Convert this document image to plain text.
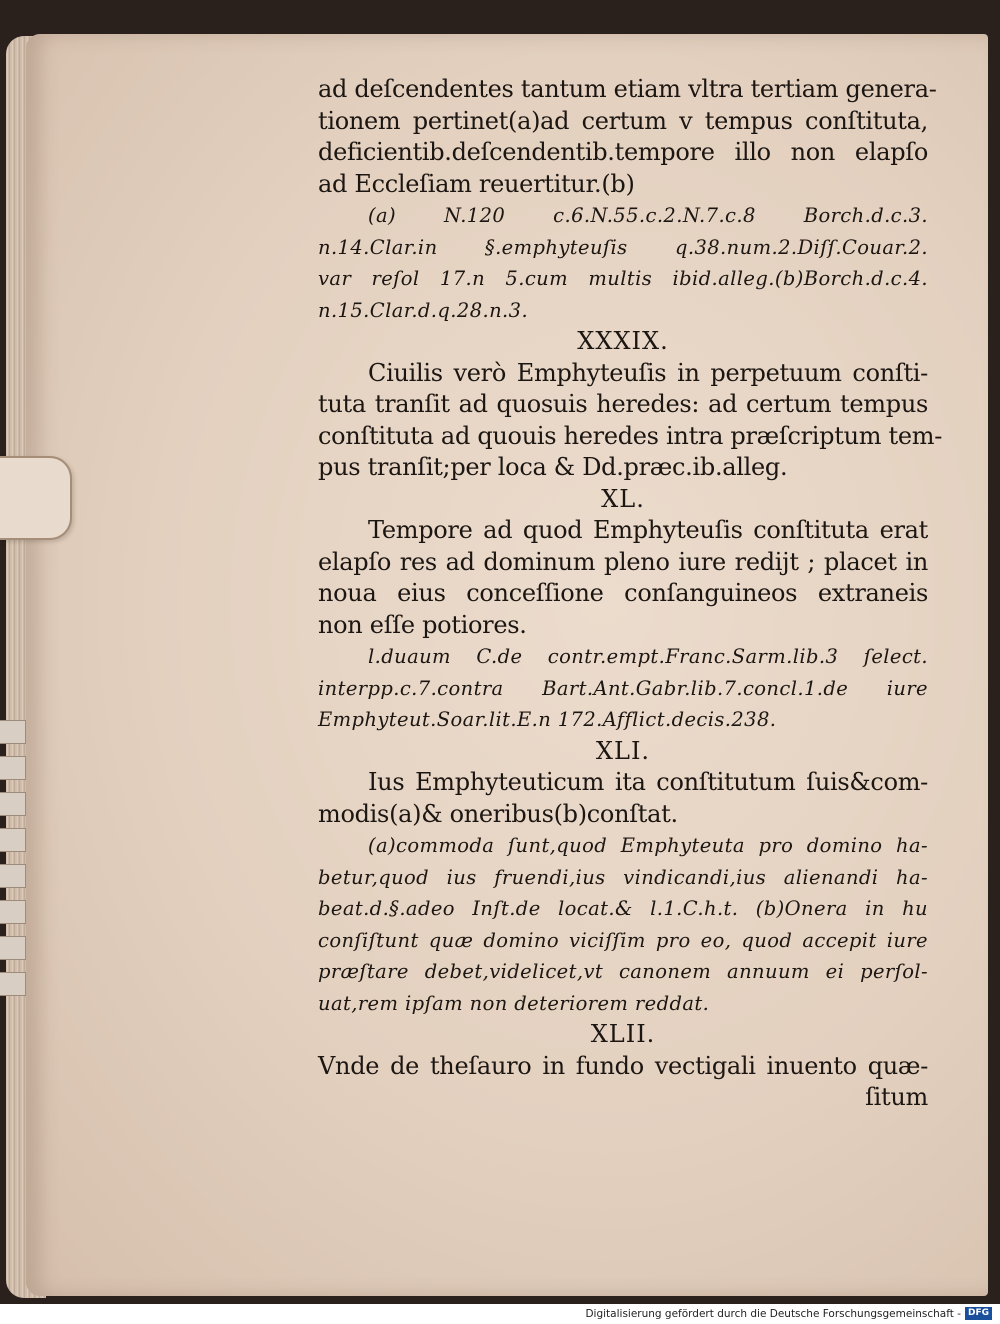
ad deſcendentes tantum etiam vltra tertiam genera-
tionem pertinet(a)ad certum v tempus conſtituta,
deficientib.deſcendentib.tempore illo non elapſo
ad Eccleſiam reuertitur.(b)
(a) N.120 c.6.N.55.c.2.N.7.c.8 Borch.d.c.3.
n.14.Clar.in §.emphyteuſis q.38.num.2.Diſſ.Couar.2.
var reſol 17.n 5.cum multis ibid.alleg.(b)Borch.d.c.4.
n.15.Clar.d.q.28.n.3.
XXXIX.
Ciuilis verò Emphyteuſis in perpetuum conſti-
tuta tranſit ad quosuis heredes: ad certum tempus
conſtituta ad quouis heredes intra præſcriptum tem-
pus tranſit;per loca & Dd.præc.ib.alleg.
XL.
Tempore ad quod Emphyteuſis conſtituta erat
elapſo res ad dominum pleno iure redijt ; placet in
noua eius conceſſione conſanguineos extraneis
non eſſe potiores.
l.duaum C.de contr.empt.Franc.Sarm.lib.3 ſelect.
interpp.c.7.contra Bart.Ant.Gabr.lib.7.concl.1.de iure
Emphyteut.Soar.lit.E.n 172.Afflict.decis.238.
XLI.
Ius Emphyteuticum ita conſtitutum ſuis&com-
modis(a)& oneribus(b)conſtat.
(a)commoda ſunt,quod Emphyteuta pro domino ha-
betur,quod ius fruendi,ius vindicandi,ius alienandi ha-
beat.d.§.adeo Inſt.de locat.& l.1.C.h.t. (b)Onera in hu
conſiſtunt quæ domino viciſſim pro eo, quod accepit iure
præſtare debet,videlicet,vt canonem annuum ei perſol-
uat,rem ipſam non deteriorem reddat.
XLII.
Vnde de theſauro in fundo vectigali inuento quæ-
ſitum
Digitalisierung gefördert durch die Deutsche Forschungsgemeinschaft - DFG
